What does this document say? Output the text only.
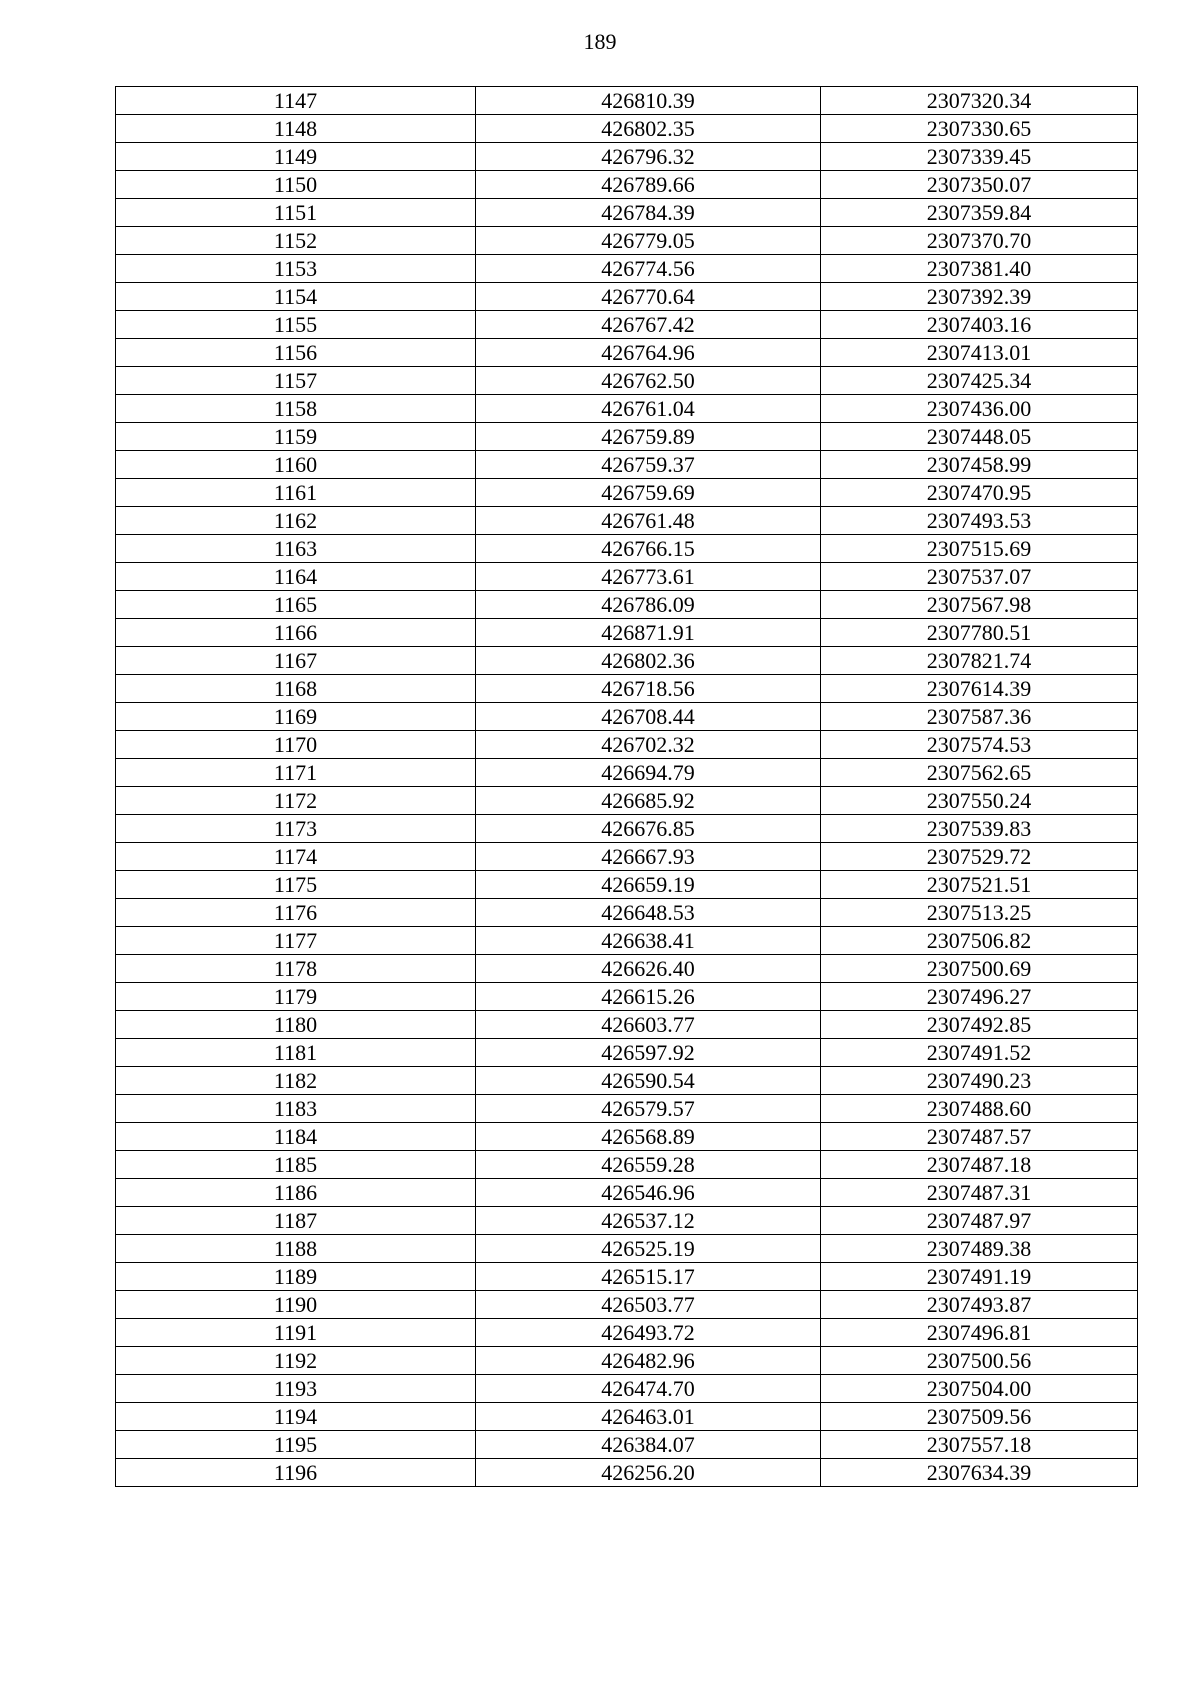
189
1147	426810.39	2307320.34
1148	426802.35	2307330.65
1149	426796.32	2307339.45
1150	426789.66	2307350.07
1151	426784.39	2307359.84
1152	426779.05	2307370.70
1153	426774.56	2307381.40
1154	426770.64	2307392.39
1155	426767.42	2307403.16
1156	426764.96	2307413.01
1157	426762.50	2307425.34
1158	426761.04	2307436.00
1159	426759.89	2307448.05
1160	426759.37	2307458.99
1161	426759.69	2307470.95
1162	426761.48	2307493.53
1163	426766.15	2307515.69
1164	426773.61	2307537.07
1165	426786.09	2307567.98
1166	426871.91	2307780.51
1167	426802.36	2307821.74
1168	426718.56	2307614.39
1169	426708.44	2307587.36
1170	426702.32	2307574.53
1171	426694.79	2307562.65
1172	426685.92	2307550.24
1173	426676.85	2307539.83
1174	426667.93	2307529.72
1175	426659.19	2307521.51
1176	426648.53	2307513.25
1177	426638.41	2307506.82
1178	426626.40	2307500.69
1179	426615.26	2307496.27
1180	426603.77	2307492.85
1181	426597.92	2307491.52
1182	426590.54	2307490.23
1183	426579.57	2307488.60
1184	426568.89	2307487.57
1185	426559.28	2307487.18
1186	426546.96	2307487.31
1187	426537.12	2307487.97
1188	426525.19	2307489.38
1189	426515.17	2307491.19
1190	426503.77	2307493.87
1191	426493.72	2307496.81
1192	426482.96	2307500.56
1193	426474.70	2307504.00
1194	426463.01	2307509.56
1195	426384.07	2307557.18
1196	426256.20	2307634.39
